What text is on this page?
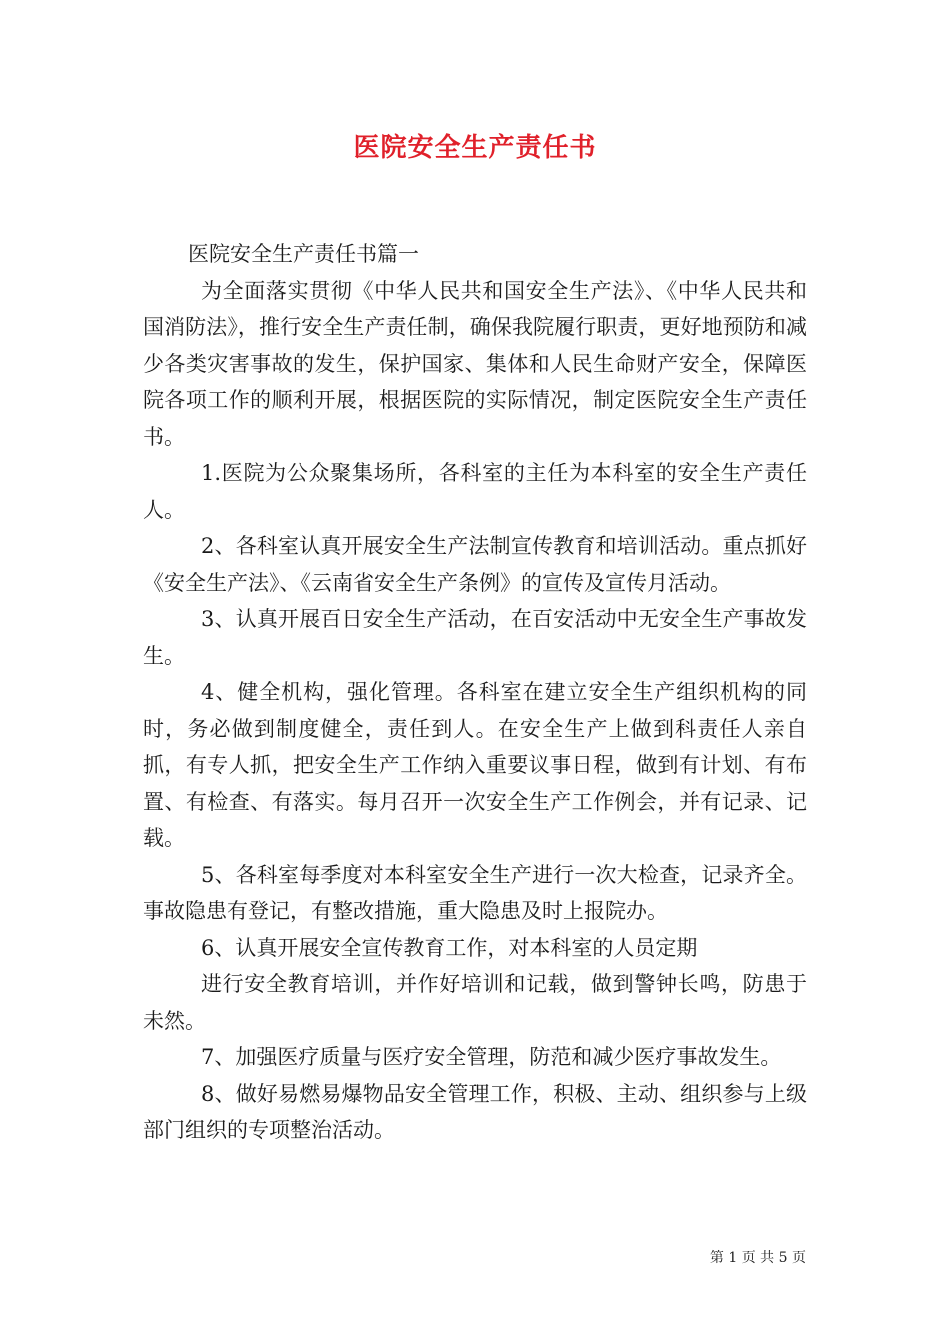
医院安全生产责任书

医院安全生产责任书篇一

为全面落实贯彻《中华人民共和国安全生产法》、《中华人民共和国消防法》，推行安全生产责任制，确保我院履行职责，更好地预防和减少各类灾害事故的发生，保护国家、集体和人民生命财产安全，保障医院各项工作的顺利开展，根据医院的实际情况，制定医院安全生产责任书。

1.医院为公众聚集场所，各科室的主任为本科室的安全生产责任人。

2、各科室认真开展安全生产法制宣传教育和培训活动。重点抓好《安全生产法》、《云南省安全生产条例》的宣传及宣传月活动。

3、认真开展百日安全生产活动，在百安活动中无安全生产事故发生。

4、健全机构，强化管理。各科室在建立安全生产组织机构的同时，务必做到制度健全，责任到人。在安全生产上做到科责任人亲自抓，有专人抓，把安全生产工作纳入重要议事日程，做到有计划、有布置、有检查、有落实。每月召开一次安全生产工作例会，并有记录、记载。

5、各科室每季度对本科室安全生产进行一次大检查，记录齐全。事故隐患有登记，有整改措施，重大隐患及时上报院办。

6、认真开展安全宣传教育工作，对本科室的人员定期

进行安全教育培训，并作好培训和记载，做到警钟长鸣，防患于未然。

7、加强医疗质量与医疗安全管理，防范和减少医疗事故发生。

8、做好易燃易爆物品安全管理工作，积极、主动、组织参与上级部门组织的专项整治活动。

第 1 页 共 5 页
